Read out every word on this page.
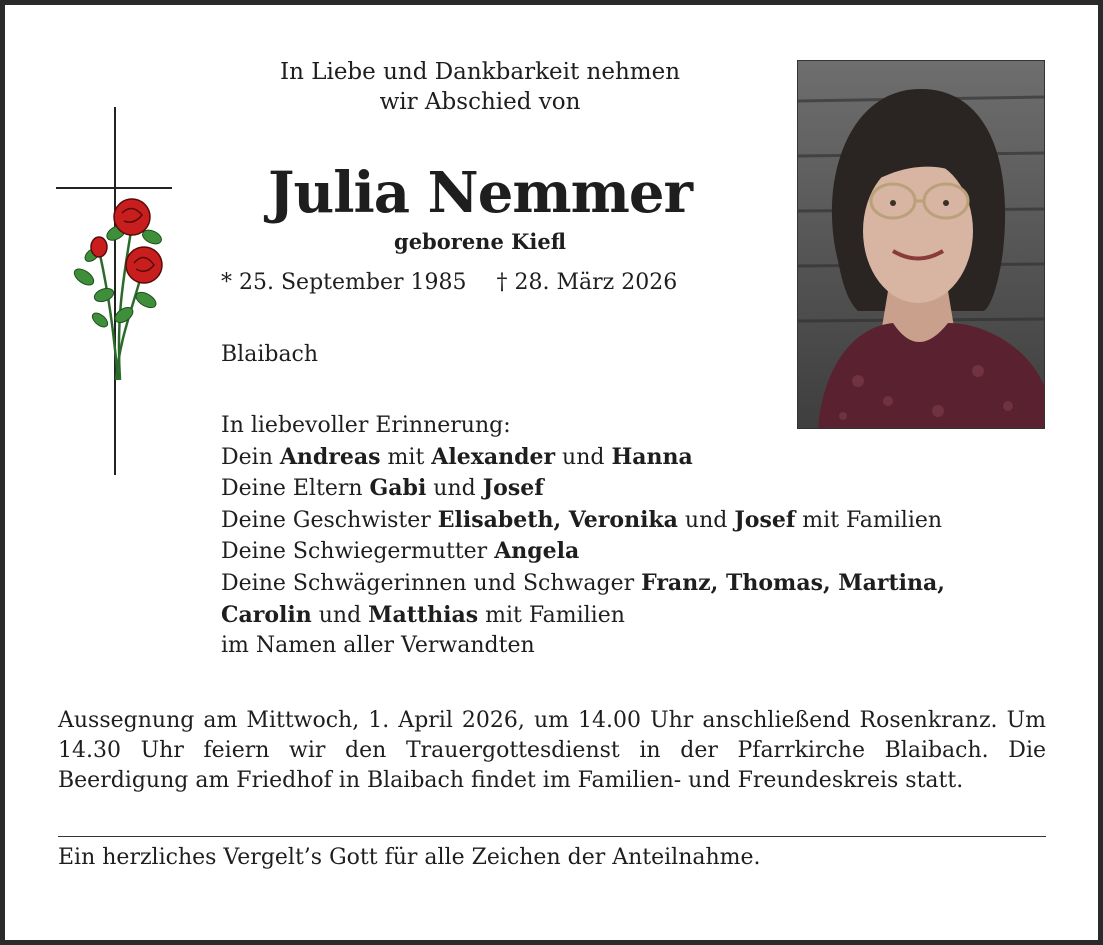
In Liebe und Dankbarkeit nehmen
wir Abschied von
Julia Nemmer
geborene Kiefl
* 25. September 1985 † 28. März 2026
Blaibach
In liebevoller Erinnerung:
Dein Andreas mit Alexander und Hanna
Deine Eltern Gabi und Josef
Deine Geschwister Elisabeth, Veronika und Josef mit Familien
Deine Schwiegermutter Angela
Deine Schwägerinnen und Schwager Franz, Thomas, Martina,
Carolin und Matthias mit Familien
im Namen aller Verwandten

Aussegnung am Mittwoch, 1. April 2026, um 14.00 Uhr anschließend Rosenkranz. Um 14.30 Uhr feiern wir den Trauergottesdienst in der Pfarrkirche Blaibach. Die Beerdigung am Friedhof in Blaibach findet im Familien- und Freundeskreis statt.

Ein herzliches Vergelt’s Gott für alle Zeichen der Anteilnahme.
